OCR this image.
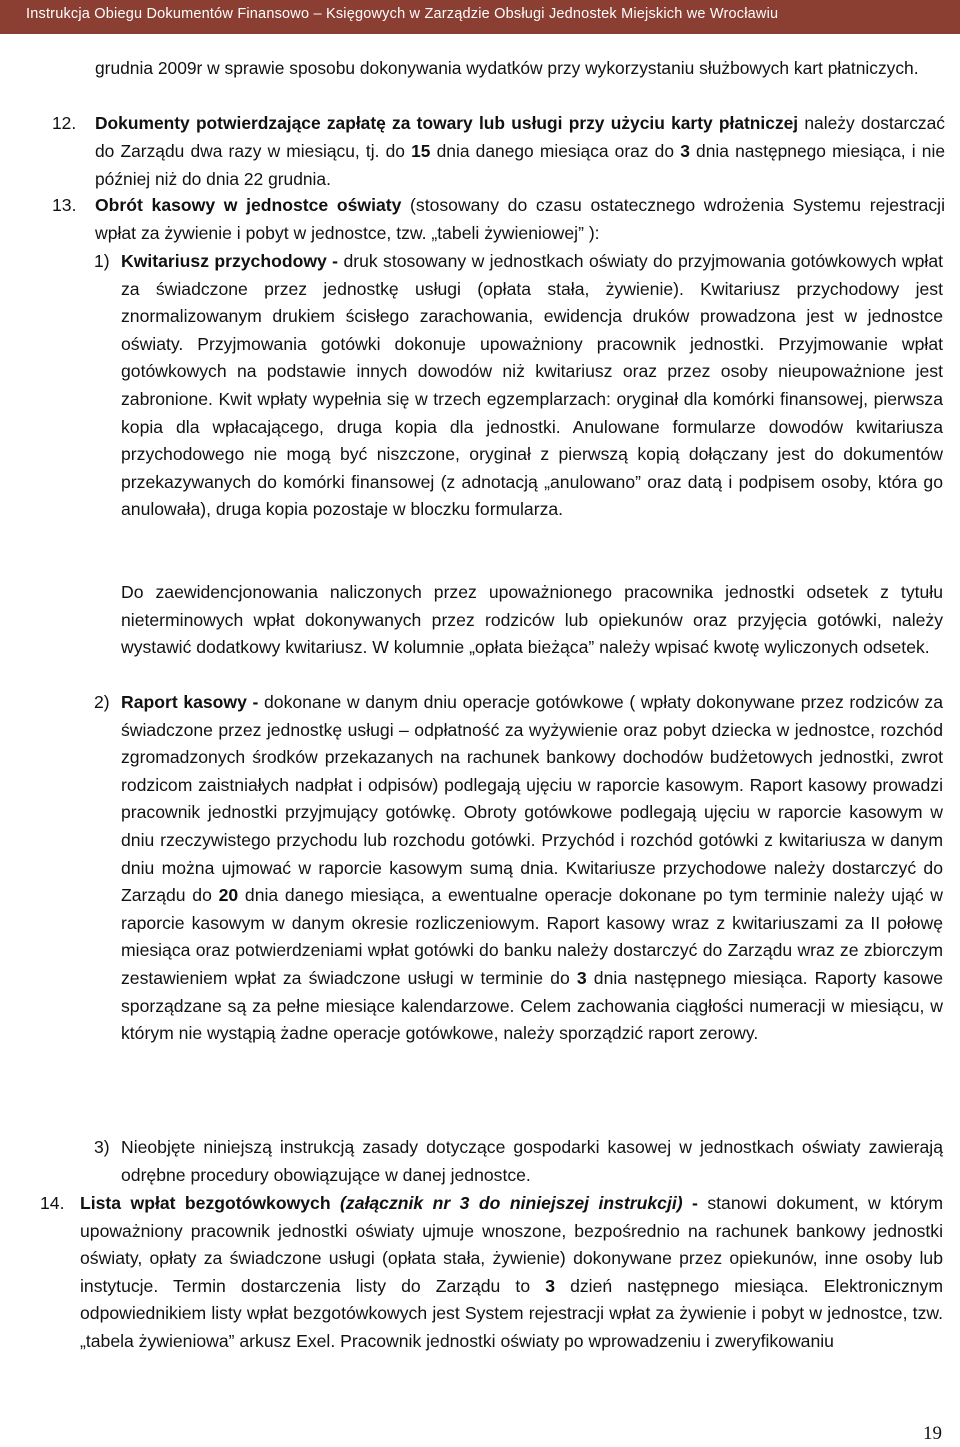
Instrukcja Obiegu Dokumentów Finansowo – Księgowych w Zarządzie Obsługi Jednostek Miejskich we Wrocławiu
grudnia 2009r w sprawie sposobu dokonywania wydatków przy wykorzystaniu służbowych kart płatniczych.
12. Dokumenty potwierdzające zapłatę za towary lub usługi przy użyciu karty płatniczej należy dostarczać do Zarządu dwa razy w miesiącu, tj. do 15 dnia danego miesiąca oraz do 3 dnia następnego miesiąca, i nie później niż do dnia 22 grudnia.
13. Obrót kasowy w jednostce oświaty (stosowany do czasu ostatecznego wdrożenia Systemu rejestracji wpłat za żywienie i pobyt w jednostce, tzw. „tabeli żywieniowej” ):
1) Kwitariusz przychodowy - druk stosowany w jednostkach oświaty do przyjmowania gotówkowych wpłat za świadczone przez jednostkę usługi (opłata stała, żywienie). Kwitariusz przychodowy jest znormalizowanym drukiem ścisłego zarachowania, ewidencja druków prowadzona jest w jednostce oświaty. Przyjmowania gotówki dokonuje upoważniony pracownik jednostki. Przyjmowanie wpłat gotówkowych na podstawie innych dowodów niż kwitariusz oraz przez osoby nieupoważnione jest zabronione. Kwit wpłaty wypełnia się w trzech egzemplarzach: oryginał dla komórki finansowej, pierwsza kopia dla wpłacającego, druga kopia dla jednostki. Anulowane formularze dowodów kwitariusza przychodowego nie mogą być niszczone, oryginał z pierwszą kopią dołączany jest do dokumentów przekazywanych do komórki finansowej (z adnotacją „anulowano” oraz datą i podpisem osoby, która go anulowała), druga kopia pozostaje w bloczku formularza.
Do zaewidencjonowania naliczonych przez upoważnionego pracownika jednostki odsetek z tytułu nieterminowych wpłat dokonywanych przez rodziców lub opiekunów oraz przyjęcia gotówki, należy wystawić dodatkowy kwitariusz. W kolumnie „opłata bieżąca” należy wpisać kwotę wyliczonych odsetek.
2) Raport kasowy - dokonane w danym dniu operacje gotówkowe ( wpłaty dokonywane przez rodziców za świadczone przez jednostkę usługi – odpłatność za wyżywienie oraz pobyt dziecka w jednostce, rozchód zgromadzonych środków przekazanych na rachunek bankowy dochodów budżetowych jednostki, zwrot rodzicom zaistniałych nadpłat i odpisów) podlegają ujęciu w raporcie kasowym. Raport kasowy prowadzi pracownik jednostki przyjmujący gotówkę. Obroty gotówkowe podlegają ujęciu w raporcie kasowym w dniu rzeczywistego przychodu lub rozchodu gotówki. Przychód i rozchód gotówki z kwitariusza w danym dniu można ujmować w raporcie kasowym sumą dnia. Kwitariusze przychodowe należy dostarczyć do Zarządu do 20 dnia danego miesiąca, a ewentualne operacje dokonane po tym terminie należy ująć w raporcie kasowym w danym okresie rozliczeniowym. Raport kasowy wraz z kwitariuszami za II połowę miesiąca oraz potwierdzeniami wpłat gotówki do banku należy dostarczyć do Zarządu wraz ze zbiorczym zestawieniem wpłat za świadczone usługi w terminie do 3 dnia następnego miesiąca. Raporty kasowe sporządzane są za pełne miesiące kalendarzowe. Celem zachowania ciągłości numeracji w miesiącu, w którym nie wystąpią żadne operacje gotówkowe, należy sporządzić raport zerowy.
3) Nieobjęte niniejszą instrukcją zasady dotyczące gospodarki kasowej w jednostkach oświaty zawierają odrębne procedury obowiązujące w danej jednostce.
14. Lista wpłat bezgotówkowych (załącznik nr 3 do niniejszej instrukcji) - stanowi dokument, w którym upoważniony pracownik jednostki oświaty ujmuje wnoszone, bezpośrednio na rachunek bankowy jednostki oświaty, opłaty za świadczone usługi (opłata stała, żywienie) dokonywane przez opiekunów, inne osoby lub instytucje. Termin dostarczenia listy do Zarządu to 3 dzień następnego miesiąca. Elektronicznym odpowiednikiem listy wpłat bezgotówkowych jest System rejestracji wpłat za żywienie i pobyt w jednostce, tzw. „tabela żywieniowa” arkusz Exel. Pracownik jednostki oświaty po wprowadzeniu i zweryfikowaniu
19
